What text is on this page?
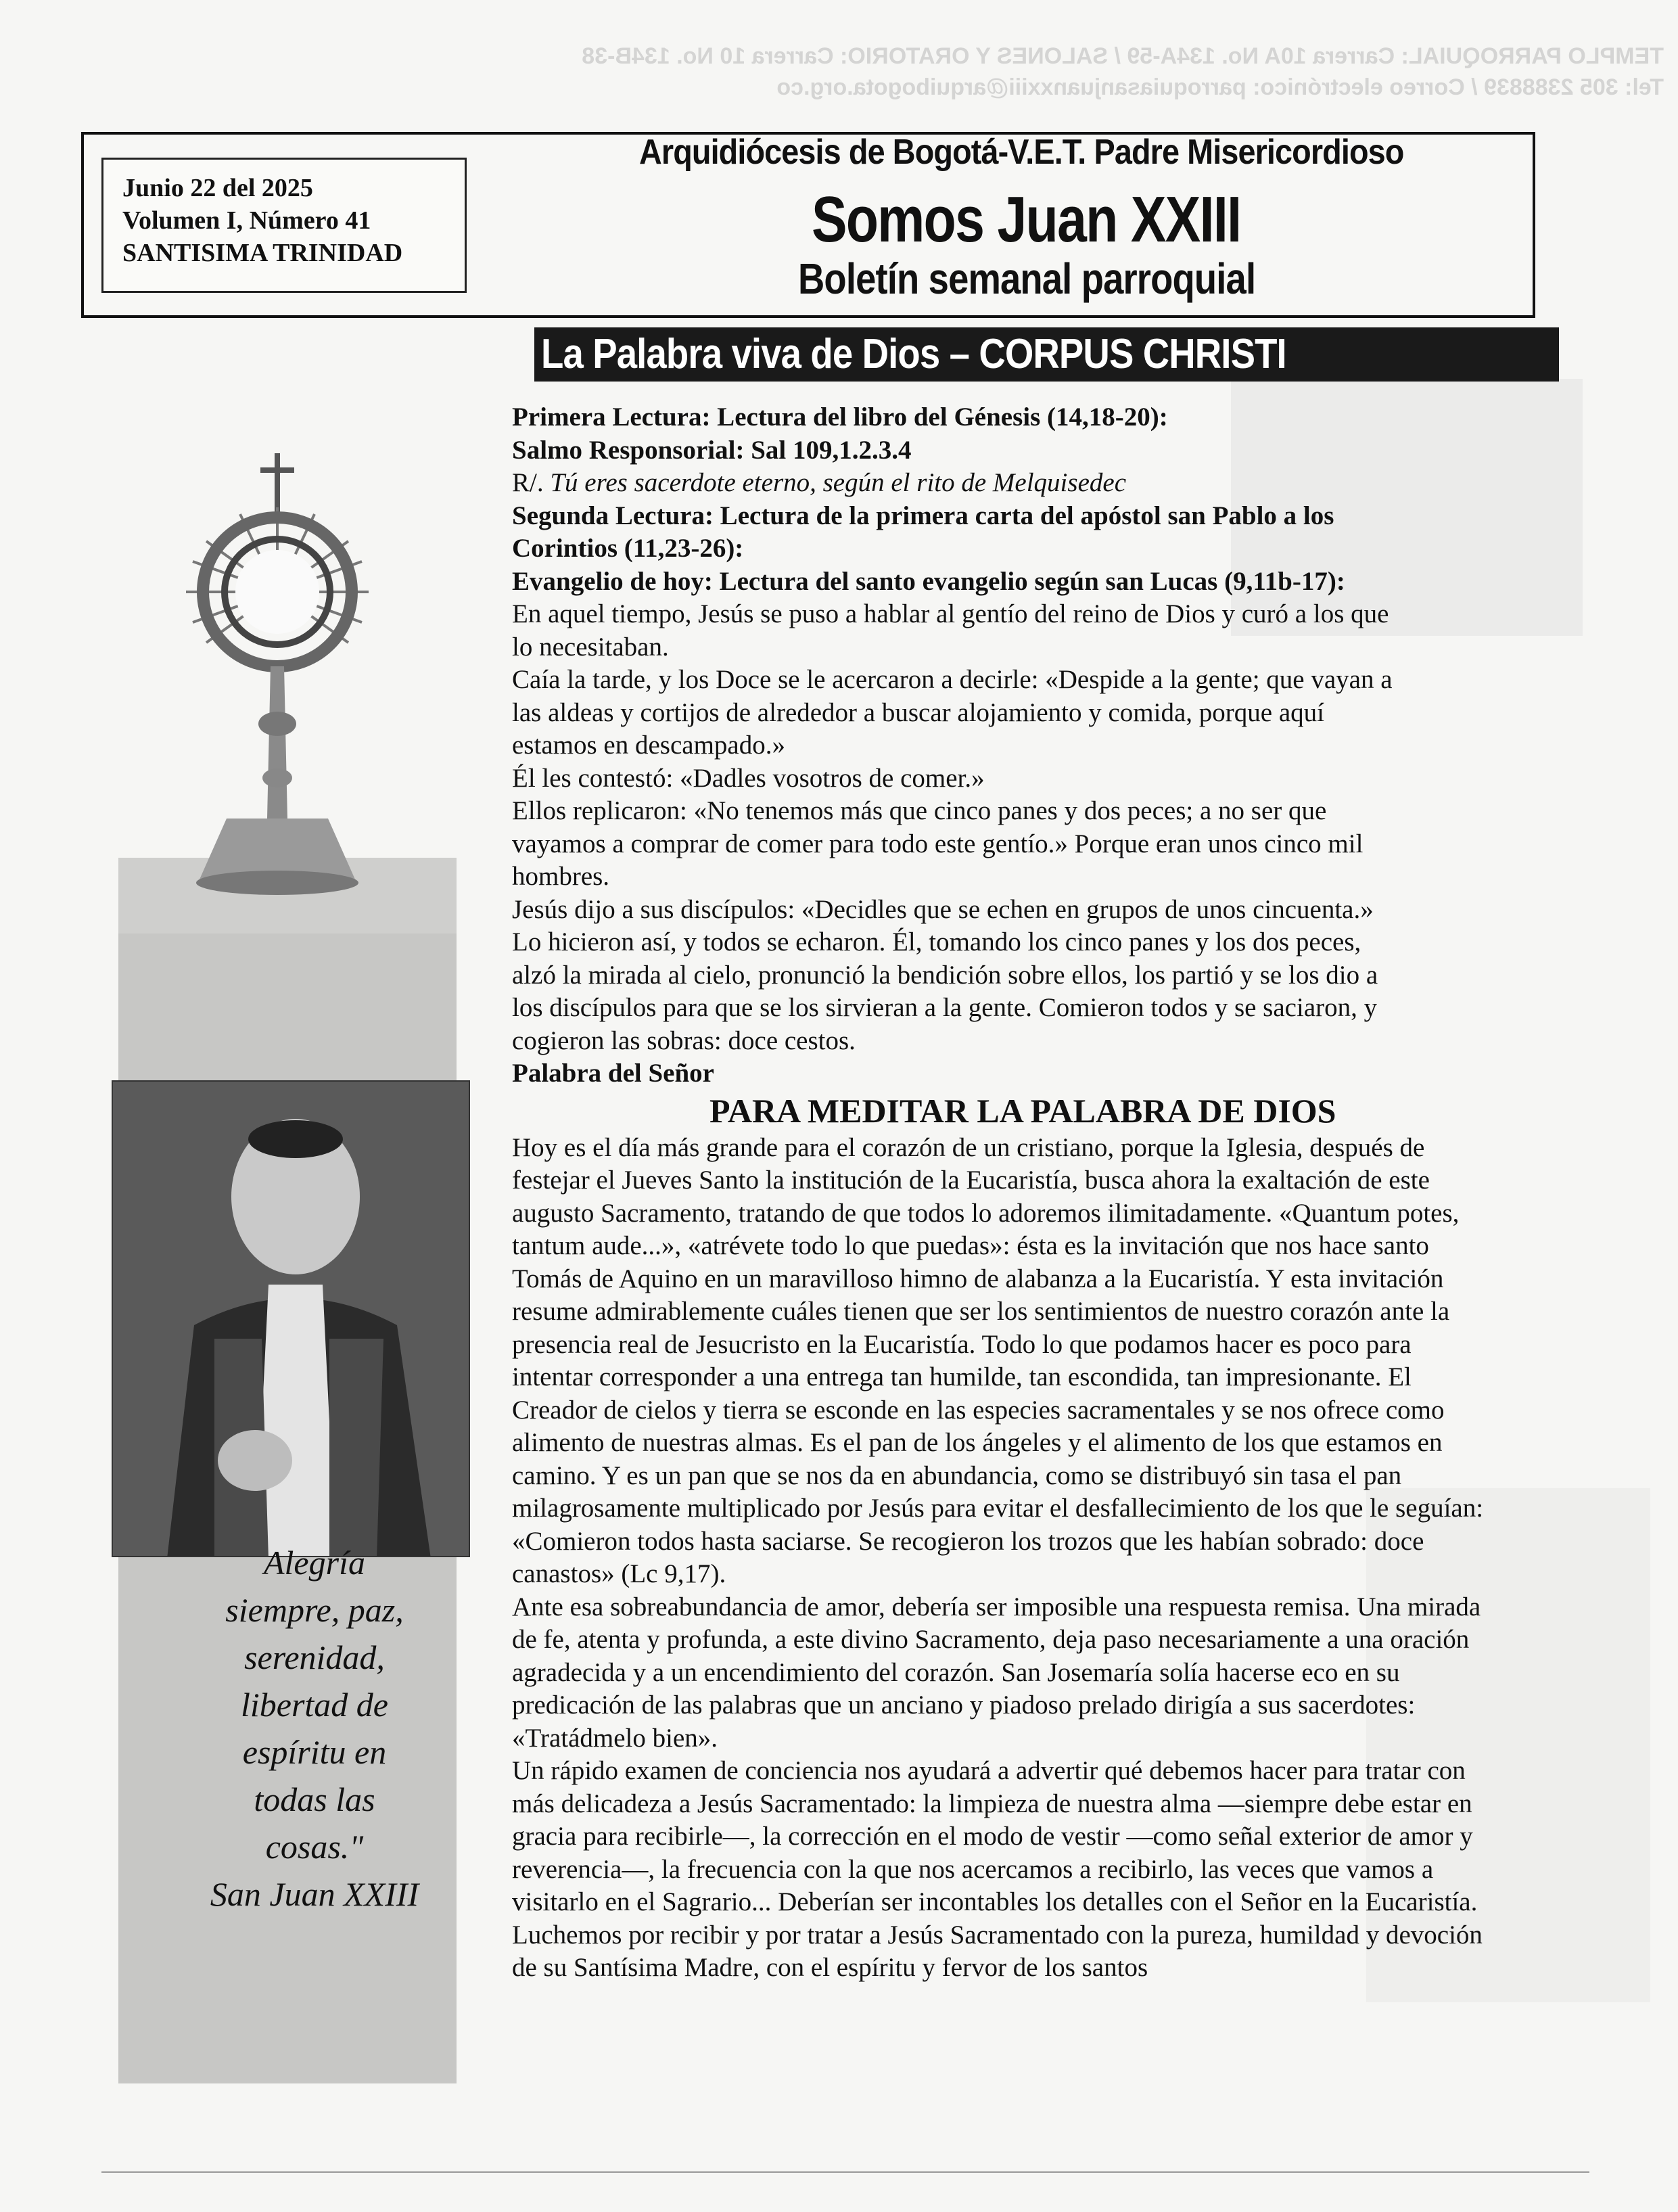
TEMPLO PARROQUIAL: Carrera 10A No. 134A-59 / SALONES Y ORATORIO: Carrera 10 No. 134B-38
Tel: 305 2388839 / Correo electrónico: parroquiasanjuanxxiii@arquibogota.org.co
Junio 22 del 2025
Volumen I, Número 41
SANTISIMA TRINIDAD
Arquidiócesis de Bogotá-V.E.T. Padre Misericordioso
Somos Juan XXIII
Boletín semanal parroquial
La Palabra viva de Dios – CORPUS CHRISTI
Alegría
siempre, paz,
serenidad,
libertad de
espíritu en
todas las
cosas."
San Juan XXIII
Primera Lectura: Lectura del libro del Génesis (14,18-20):
Salmo Responsorial: Sal 109,1.2.3.4
R/. Tú eres sacerdote eterno, según el rito de Melquisedec
Segunda Lectura: Lectura de la primera carta del apóstol san Pablo a los
Corintios (11,23-26):
Evangelio de hoy: Lectura del santo evangelio según san Lucas (9,11b-17):
En aquel tiempo, Jesús se puso a hablar al gentío del reino de Dios y curó a los que
lo necesitaban.
Caía la tarde, y los Doce se le acercaron a decirle: «Despide a la gente; que vayan a
las aldeas y cortijos de alrededor a buscar alojamiento y comida, porque aquí
estamos en descampado.»
Él les contestó: «Dadles vosotros de comer.»
Ellos replicaron: «No tenemos más que cinco panes y dos peces; a no ser que
vayamos a comprar de comer para todo este gentío.» Porque eran unos cinco mil
hombres.
Jesús dijo a sus discípulos: «Decidles que se echen en grupos de unos cincuenta.»
Lo hicieron así, y todos se echaron. Él, tomando los cinco panes y los dos peces,
alzó la mirada al cielo, pronunció la bendición sobre ellos, los partió y se los dio a
los discípulos para que se los sirvieran a la gente. Comieron todos y se saciaron, y
cogieron las sobras: doce cestos.
Palabra del Señor
PARA MEDITAR LA PALABRA DE DIOS
Hoy es el día más grande para el corazón de un cristiano, porque la Iglesia, después de
festejar el Jueves Santo la institución de la Eucaristía, busca ahora la exaltación de este
augusto Sacramento, tratando de que todos lo adoremos ilimitadamente. «Quantum potes,
tantum aude...», «atrévete todo lo que puedas»: ésta es la invitación que nos hace santo
Tomás de Aquino en un maravilloso himno de alabanza a la Eucaristía. Y esta invitación
resume admirablemente cuáles tienen que ser los sentimientos de nuestro corazón ante la
presencia real de Jesucristo en la Eucaristía. Todo lo que podamos hacer es poco para
intentar corresponder a una entrega tan humilde, tan escondida, tan impresionante. El
Creador de cielos y tierra se esconde en las especies sacramentales y se nos ofrece como
alimento de nuestras almas. Es el pan de los ángeles y el alimento de los que estamos en
camino. Y es un pan que se nos da en abundancia, como se distribuyó sin tasa el pan
milagrosamente multiplicado por Jesús para evitar el desfallecimiento de los que le seguían:
«Comieron todos hasta saciarse. Se recogieron los trozos que les habían sobrado: doce
canastos» (Lc 9,17).
Ante esa sobreabundancia de amor, debería ser imposible una respuesta remisa. Una mirada
de fe, atenta y profunda, a este divino Sacramento, deja paso necesariamente a una oración
agradecida y a un encendimiento del corazón. San Josemaría solía hacerse eco en su
predicación de las palabras que un anciano y piadoso prelado dirigía a sus sacerdotes:
«Tratádmelo bien».
Un rápido examen de conciencia nos ayudará a advertir qué debemos hacer para tratar con
más delicadeza a Jesús Sacramentado: la limpieza de nuestra alma —siempre debe estar en
gracia para recibirle—, la corrección en el modo de vestir —como señal exterior de amor y
reverencia—, la frecuencia con la que nos acercamos a recibirlo, las veces que vamos a
visitarlo en el Sagrario... Deberían ser incontables los detalles con el Señor en la Eucaristía.
Luchemos por recibir y por tratar a Jesús Sacramentado con la pureza, humildad y devoción
de su Santísima Madre, con el espíritu y fervor de los santos
